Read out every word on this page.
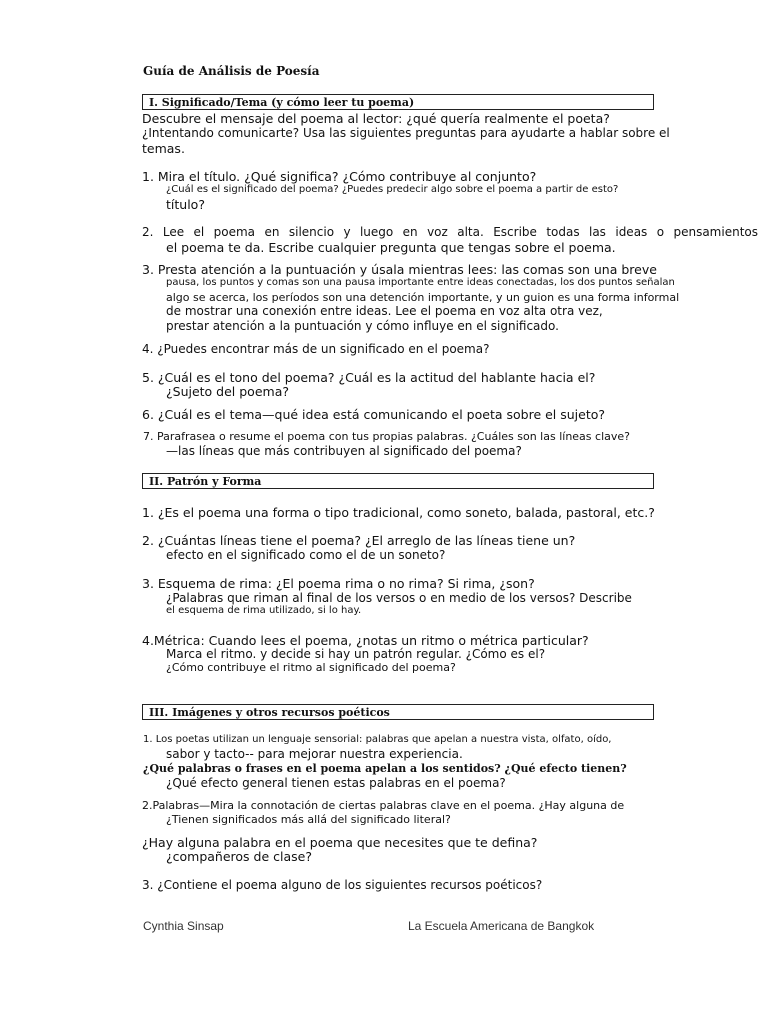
Guía de Análisis de Poesía
I. Significado/Tema (y cómo leer tu poema)
Descubre el mensaje del poema al lector: ¿qué quería realmente el poeta?
¿Intentando comunicarte? Usa las siguientes preguntas para ayudarte a hablar sobre el
temas.
1. Mira el título. ¿Qué significa? ¿Cómo contribuye al conjunto?
¿Cuál es el significado del poema? ¿Puedes predecir algo sobre el poema a partir de esto?
título?
2. Lee el poema en silencio y luego en voz alta. Escribe todas las ideas o pensamientos
el poema te da. Escribe cualquier pregunta que tengas sobre el poema.
3. Presta atención a la puntuación y úsala mientras lees: las comas son una breve
pausa, los puntos y comas son una pausa importante entre ideas conectadas, los dos puntos señalan
algo se acerca, los períodos son una detención importante, y un guion es una forma informal
de mostrar una conexión entre ideas. Lee el poema en voz alta otra vez,
prestar atención a la puntuación y cómo influye en el significado.
4. ¿Puedes encontrar más de un significado en el poema?
5. ¿Cuál es el tono del poema? ¿Cuál es la actitud del hablante hacia el?
¿Sujeto del poema?
6. ¿Cuál es el tema—qué idea está comunicando el poeta sobre el sujeto?
7. Parafrasea o resume el poema con tus propias palabras. ¿Cuáles son las líneas clave?
—las líneas que más contribuyen al significado del poema?
II. Patrón y Forma
1. ¿Es el poema una forma o tipo tradicional, como soneto, balada, pastoral, etc.?
2. ¿Cuántas líneas tiene el poema? ¿El arreglo de las líneas tiene un?
efecto en el significado como el de un soneto?
3. Esquema de rima: ¿El poema rima o no rima? Si rima, ¿son?
¿Palabras que riman al final de los versos o en medio de los versos? Describe
el esquema de rima utilizado, si lo hay.
4.Métrica: Cuando lees el poema, ¿notas un ritmo o métrica particular?
Marca el ritmo. y decide si hay un patrón regular. ¿Cómo es el?
¿Cómo contribuye el ritmo al significado del poema?
III. Imágenes y otros recursos poéticos
1. Los poetas utilizan un lenguaje sensorial: palabras que apelan a nuestra vista, olfato, oído,
sabor y tacto-- para mejorar nuestra experiencia.
¿Qué palabras o frases en el poema apelan a los sentidos? ¿Qué efecto tienen?
¿Qué efecto general tienen estas palabras en el poema?
2.Palabras—Mira la connotación de ciertas palabras clave en el poema. ¿Hay alguna de
¿Tienen significados más allá del significado literal?
¿Hay alguna palabra en el poema que necesites que te defina?
¿compañeros de clase?
3. ¿Contiene el poema alguno de los siguientes recursos poéticos?
Cynthia Sinsap	La Escuela Americana de Bangkok
